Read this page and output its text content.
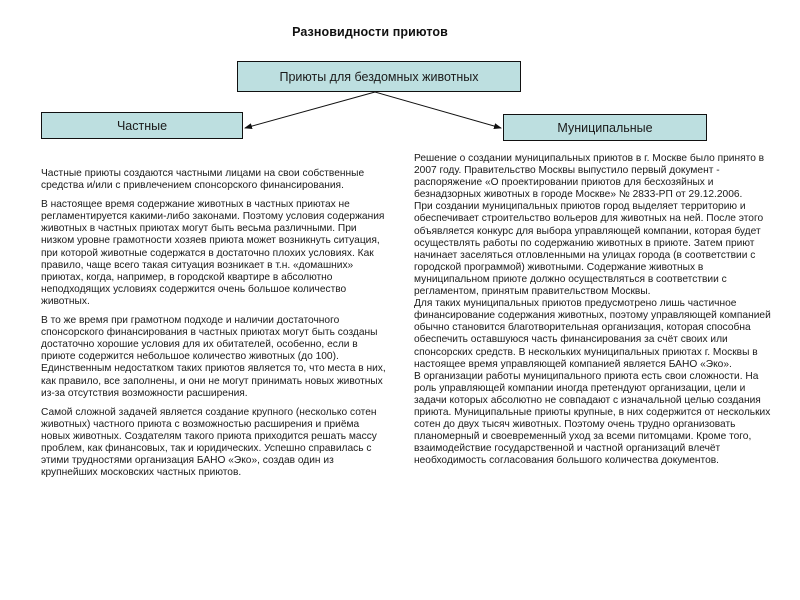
Разновидности приютов
Приюты для бездомных животных
Частные	Муниципальные

Частные приюты создаются частными лицами на свои собственные средства и/или с привлечением спонсорского финансирования.

В настоящее время содержание животных в частных приютах не регламентируется какими-либо законами. Поэтому условия содержания животных в частных приютах могут быть весьма различными. При низком уровне грамотности хозяев приюта может возникнуть ситуация, при которой животные содержатся в достаточно плохих условиях. Как правило, чаще всего такая ситуация возникает в т.н. «домашних» приютах, когда, например, в городской квартире в абсолютно неподходящих условиях содержится очень большое количество животных.

В то же время при грамотном подходе и наличии достаточного спонсорского финансирования в частных приютах могут быть созданы достаточно хорошие условия для их обитателей, особенно, если в приюте содержится небольшое количество животных (до 100). Единственным недостатком таких приютов является то, что места в них, как правило, все заполнены, и они не могут принимать новых животных из-за отсутствия возможности расширения.

Самой сложной задачей является создание крупного (несколько сотен животных) частного приюта с возможностью расширения и приёма новых животных. Создателям такого приюта приходится решать массу проблем, как финансовых, так и юридических. Успешно справилась с этими трудностями организация БАНО «Эко», создав один из крупнейших московских частных приютов.

Решение о создании муниципальных приютов в г. Москве было принято в 2007 году. Правительство Москвы выпустило первый документ - распоряжение «О проектировании приютов для бесхозяйных и безнадзорных животных в городе Москве» № 2833-РП от 29.12.2006.

При создании муниципальных приютов город выделяет территорию и обеспечивает строительство вольеров для животных на ней. После этого объявляется конкурс для выбора управляющей компании, которая будет осуществлять работы по содержанию животных в приюте. Затем приют начинает заселяться отловленными на улицах города (в соответствии с городской программой) животными. Содержание животных в муниципальном приюте должно осуществляться в соответствии с регламентом, принятым правительством Москвы.

Для таких муниципальных приютов предусмотрено лишь частичное финансирование содержания животных, поэтому управляющей компанией обычно становится благотворительная организация, которая способна обеспечить оставшуюся часть финансирования за счёт своих или спонсорских средств. В нескольких муниципальных приютах г. Москвы в настоящее время управляющей компанией является БАНО «Эко».

В организации работы муниципального приюта есть свои сложности. На роль управляющей компании иногда претендуют организации, цели и задачи которых абсолютно не совпадают с изначальной целью создания приюта. Муниципальные приюты крупные, в них содержится от нескольких сотен до двух тысяч животных. Поэтому очень трудно организовать планомерный и своевременный уход за всеми питомцами. Кроме того, взаимодействие государственной и частной организаций влечёт необходимость согласования большого количества документов.
